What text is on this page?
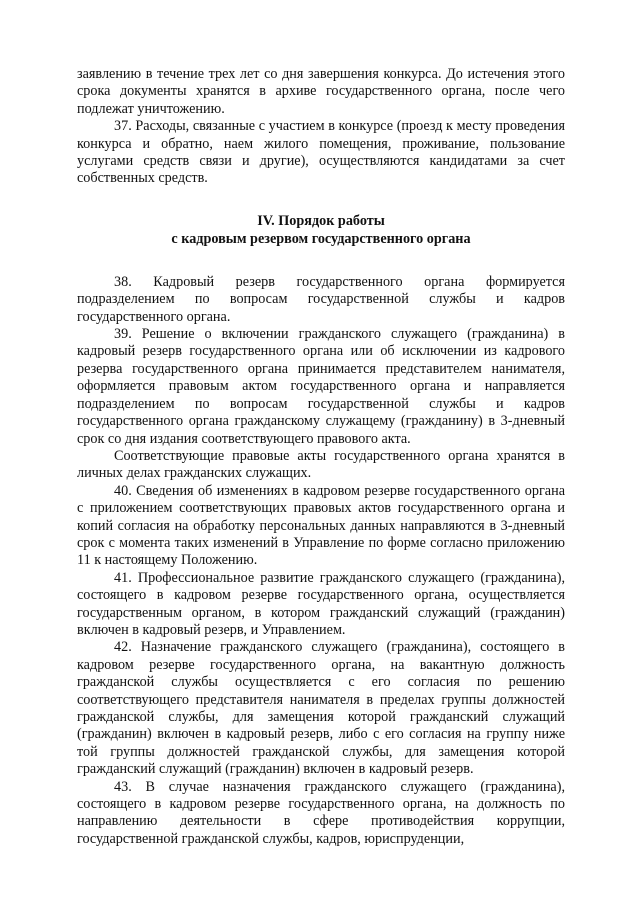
заявлению в течение трех лет со дня завершения конкурса. До истечения этого срока документы хранятся в архиве государственного органа, после чего подлежат уничтожению.

37. Расходы, связанные с участием в конкурсе (проезд к месту проведения конкурса и обратно, наем жилого помещения, проживание, пользование услугами средств связи и другие), осуществляются кандидатами за счет собственных средств.

IV. Порядок работы
с кадровым резервом государственного органа

38. Кадровый резерв государственного органа формируется подразделением по вопросам государственной службы и кадров государственного органа.

39. Решение о включении гражданского служащего (гражданина) в кадровый резерв государственного органа или об исключении из кадрового резерва государственного органа принимается представителем нанимателя, оформляется правовым актом государственного органа и направляется подразделением по вопросам государственной службы и кадров государственного органа гражданскому служащему (гражданину) в 3-дневный срок со дня издания соответствующего правового акта.

Соответствующие правовые акты государственного органа хранятся в личных делах гражданских служащих.

40. Сведения об изменениях в кадровом резерве государственного органа с приложением соответствующих правовых актов государственного органа и копий согласия на обработку персональных данных направляются в 3-дневный срок с момента таких изменений в Управление по форме согласно приложению 11 к настоящему Положению.

41. Профессиональное развитие гражданского служащего (гражданина), состоящего в кадровом резерве государственного органа, осуществляется государственным органом, в котором гражданский служащий (гражданин) включен в кадровый резерв, и Управлением.

42. Назначение гражданского служащего (гражданина), состоящего в кадровом резерве государственного органа, на вакантную должность гражданской службы осуществляется с его согласия по решению соответствующего представителя нанимателя в пределах группы должностей гражданской службы, для замещения которой гражданский служащий (гражданин) включен в кадровый резерв, либо с его согласия на группу ниже той группы должностей гражданской службы, для замещения которой гражданский служащий (гражданин) включен в кадровый резерв.

43. В случае назначения гражданского служащего (гражданина), состоящего в кадровом резерве государственного органа, на должность по направлению деятельности в сфере противодействия коррупции, государственной гражданской службы, кадров, юриспруденции,
